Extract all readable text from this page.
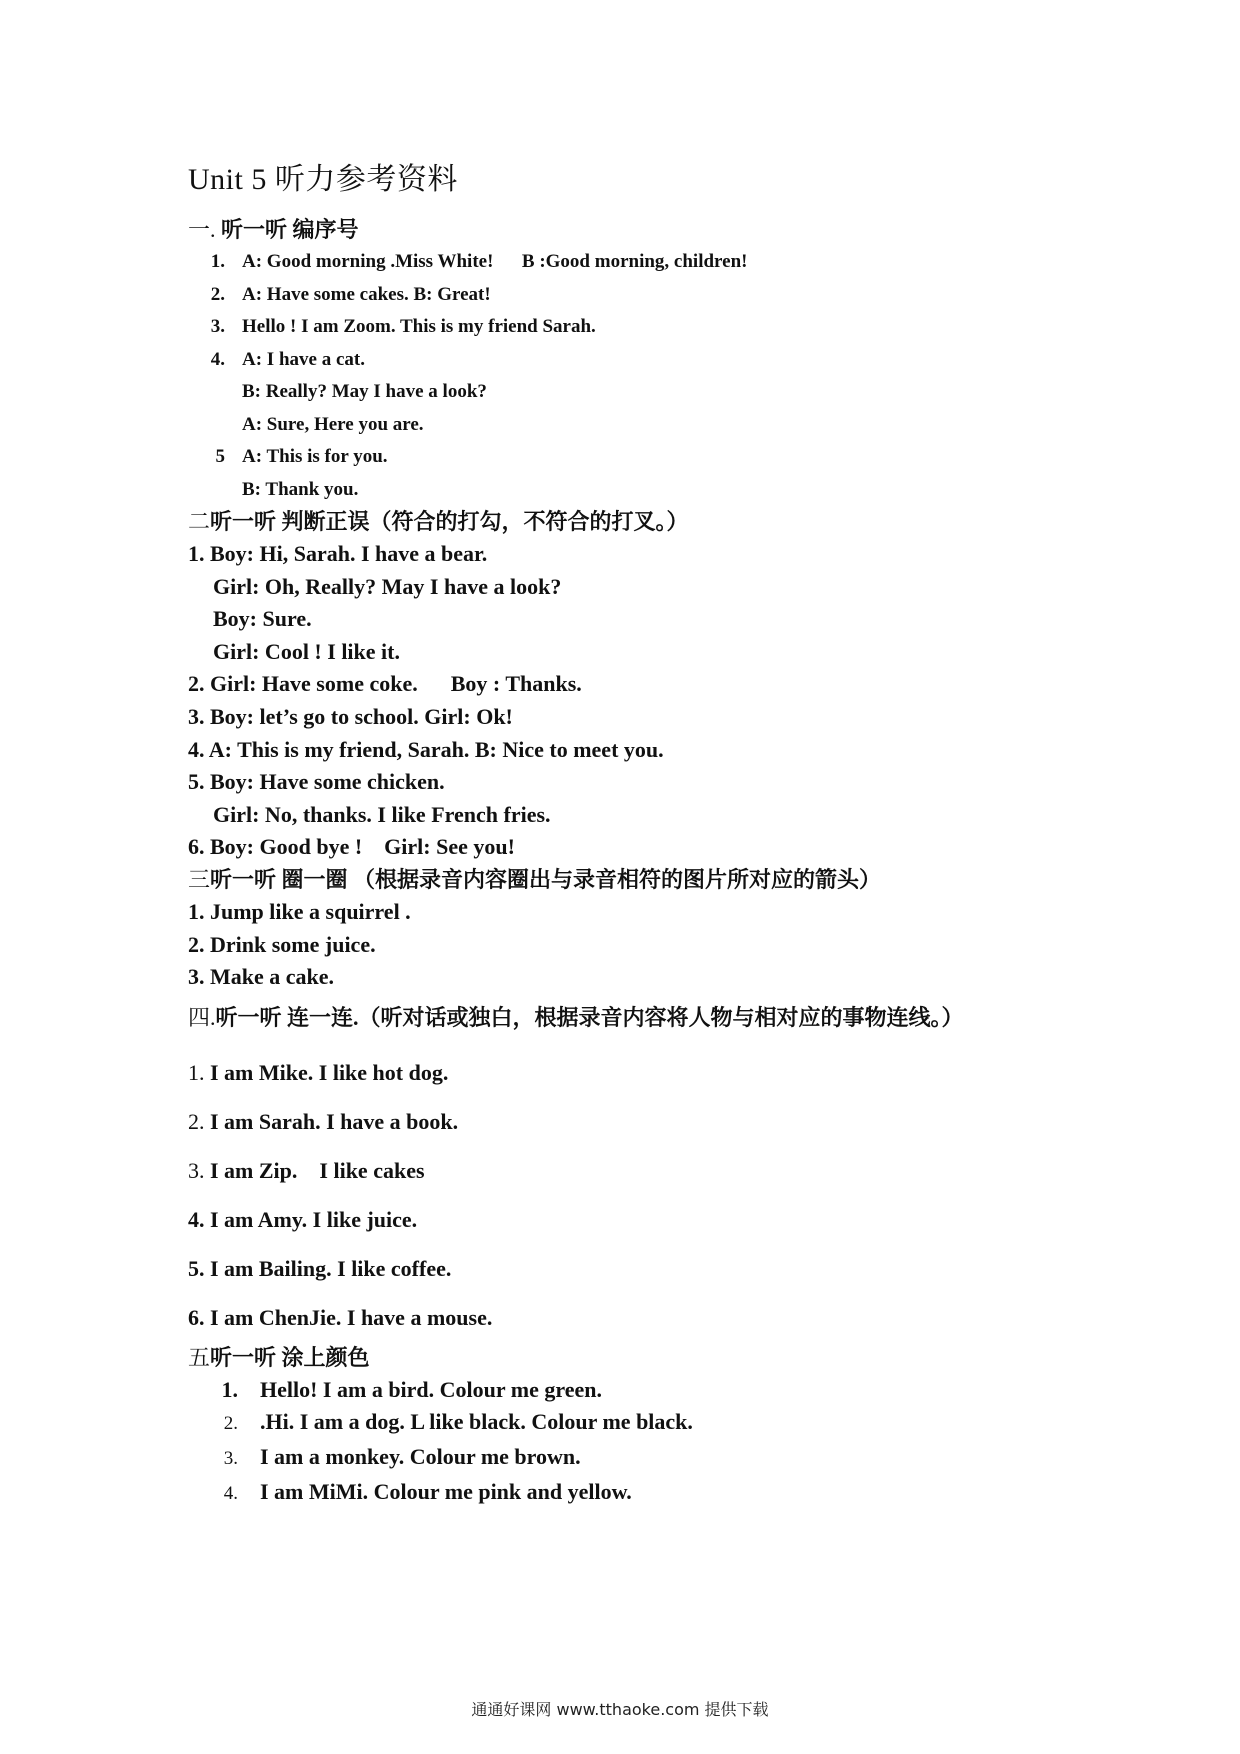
Unit 5 听力参考资料
一. 听一听 编序号
1. A: Good morning .Miss White!      B :Good morning, children!
2. A: Have some cakes. B: Great!
3. Hello ! I am Zoom. This is my friend Sarah.
4. A: I have a cat.
B: Really? May I have a look?
A: Sure, Here you are.
5 A: This is for you.
B: Thank you.
二听一听 判断正误（符合的打勾，不符合的打叉。）
1. Boy: Hi, Sarah. I have a bear.
Girl: Oh, Really? May I have a look?
Boy: Sure.
Girl: Cool ! I like it.
2. Girl: Have some coke.      Boy : Thanks.
3. Boy: let’s go to school. Girl: Ok!
4. A: This is my friend, Sarah. B: Nice to meet you.
5. Boy: Have some chicken.
Girl: No, thanks. I like French fries.
6. Boy: Good bye !    Girl: See you!
三听一听 圈一圈 （根据录音内容圈出与录音相符的图片所对应的箭头）
1. Jump like a squirrel .
2. Drink some juice.
3. Make a cake.
四.听一听 连一连.（听对话或独白，根据录音内容将人物与相对应的事物连线。）
1. I am Mike. I like hot dog.
2. I am Sarah. I have a book.
3. I am Zip.    I like cakes
4. I am Amy. I like juice.
5. I am Bailing. I like coffee.
6. I am ChenJie. I have a mouse.
五听一听 涂上颜色
1. Hello! I am a bird. Colour me green.
2. .Hi. I am a dog. L like black. Colour me black.
3. I am a monkey. Colour me brown.
4. I am MiMi. Colour me pink and yellow.
通通好课网 www.tthaoke.com 提供下载
